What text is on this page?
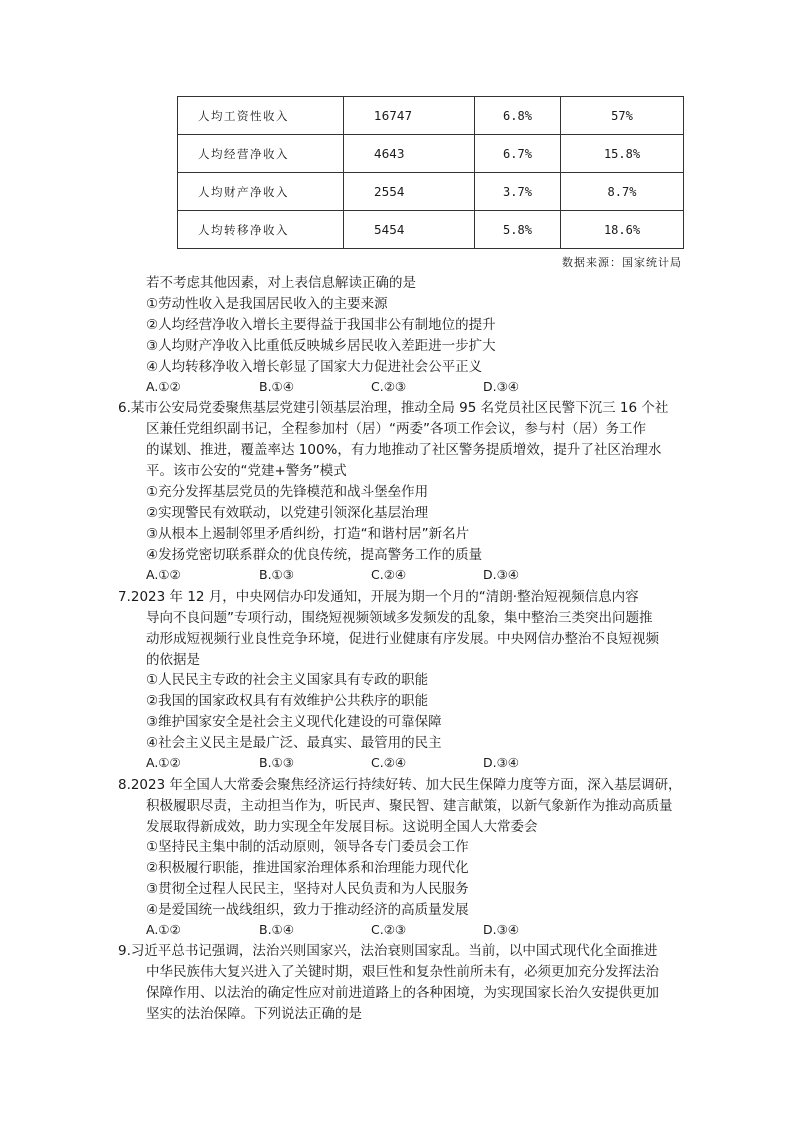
人均工资性收入	16747	6.8%	57%
人均经营净收入	4643	6.7%	15.8%
人均财产净收入	2554	3.7%	8.7%
人均转移净收入	5454	5.8%	18.6%
数据来源：国家统计局
若不考虑其他因素，对上表信息解读正确的是
①劳动性收入是我国居民收入的主要来源
②人均经营净收入增长主要得益于我国非公有制地位的提升
③人均财产净收入比重低反映城乡居民收入差距进一步扩大
④人均转移净收入增长彰显了国家大力促进社会公平正义
A.①②	B.①④	C.②③	D.③④
6.某市公安局党委聚焦基层党建引领基层治理，推动全局 95 名党员社区民警下沉三 16 个社
区兼任党组织副书记，全程参加村（居）“两委”各项工作会议，参与村（居）务工作
的谋划、推进，覆盖率达 100%，有力地推动了社区警务提质增效，提升了社区治理水
平。该市公安的“党建+警务”模式
①充分发挥基层党员的先锋模范和战斗堡垒作用
②实现警民有效联动，以党建引领深化基层治理
③从根本上遏制邻里矛盾纠纷，打造“和谐村居”新名片
④发扬党密切联系群众的优良传统，提高警务工作的质量
A.①②	B.①③	C.②④	D.③④
7.2023 年 12 月，中央网信办印发通知，开展为期一个月的“清朗·整治短视频信息内容
导向不良问题”专项行动，围绕短视频领域多发频发的乱象，集中整治三类突出问题推
动形成短视频行业良性竞争环境，促进行业健康有序发展。中央网信办整治不良短视频
的依据是
①人民民主专政的社会主义国家具有专政的职能
②我国的国家政权具有有效维护公共秩序的职能
③维护国家安全是社会主义现代化建设的可靠保障
④社会主义民主是最广泛、最真实、最管用的民主
A.①②	B.①③	C.②④	D.③④
8.2023 年全国人大常委会聚焦经济运行持续好转、加大民生保障力度等方面，深入基层调研，
积极履职尽责，主动担当作为，听民声、聚民智、建言献策，以新气象新作为推动高质量
发展取得新成效，助力实现全年发展目标。这说明全国人大常委会
①坚持民主集中制的活动原则，领导各专门委员会工作
②积极履行职能，推进国家治理体系和治理能力现代化
③贯彻全过程人民民主，坚持对人民负责和为人民服务
④是爱国统一战线组织，致力于推动经济的高质量发展
A.①②	B.①④	C.②③	D.③④
9.习近平总书记强调，法治兴则国家兴，法治衰则国家乱。当前，以中国式现代化全面推进
中华民族伟大复兴进入了关键时期，艰巨性和复杂性前所未有，必须更加充分发挥法治
保障作用、以法治的确定性应对前进道路上的各种困境，为实现国家长治久安提供更加
坚实的法治保障。下列说法正确的是
